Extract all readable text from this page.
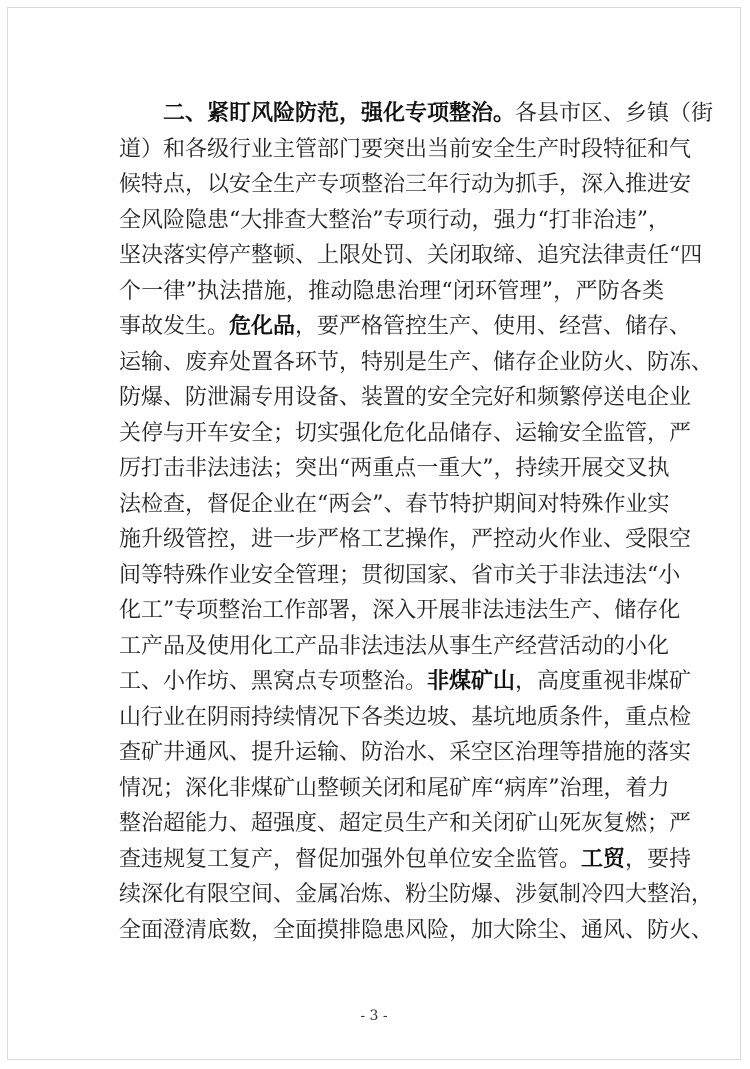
二、紧盯风险防范，强化专项整治。各县市区、乡镇（街
道）和各级行业主管部门要突出当前安全生产时段特征和气
候特点，以安全生产专项整治三年行动为抓手，深入推进安
全风险隐患“大排查大整治”专项行动，强力“打非治违”，
坚决落实停产整顿、上限处罚、关闭取缔、追究法律责任“四
个一律”执法措施，推动隐患治理“闭环管理”，严防各类
事故发生。危化品，要严格管控生产、使用、经营、储存、
运输、废弃处置各环节，特别是生产、储存企业防火、防冻、
防爆、防泄漏专用设备、装置的安全完好和频繁停送电企业
关停与开车安全；切实强化危化品储存、运输安全监管，严
厉打击非法违法；突出“两重点一重大”，持续开展交叉执
法检查，督促企业在“两会”、春节特护期间对特殊作业实
施升级管控，进一步严格工艺操作，严控动火作业、受限空
间等特殊作业安全管理；贯彻国家、省市关于非法违法“小
化工”专项整治工作部署，深入开展非法违法生产、储存化
工产品及使用化工产品非法违法从事生产经营活动的小化
工、小作坊、黑窝点专项整治。非煤矿山，高度重视非煤矿
山行业在阴雨持续情况下各类边坡、基坑地质条件，重点检
查矿井通风、提升运输、防治水、采空区治理等措施的落实
情况；深化非煤矿山整顿关闭和尾矿库“病库”治理，着力
整治超能力、超强度、超定员生产和关闭矿山死灰复燃；严
查违规复工复产，督促加强外包单位安全监管。工贸，要持
续深化有限空间、金属冶炼、粉尘防爆、涉氨制冷四大整治，
全面澄清底数，全面摸排隐患风险，加大除尘、通风、防火、
- 3 -
